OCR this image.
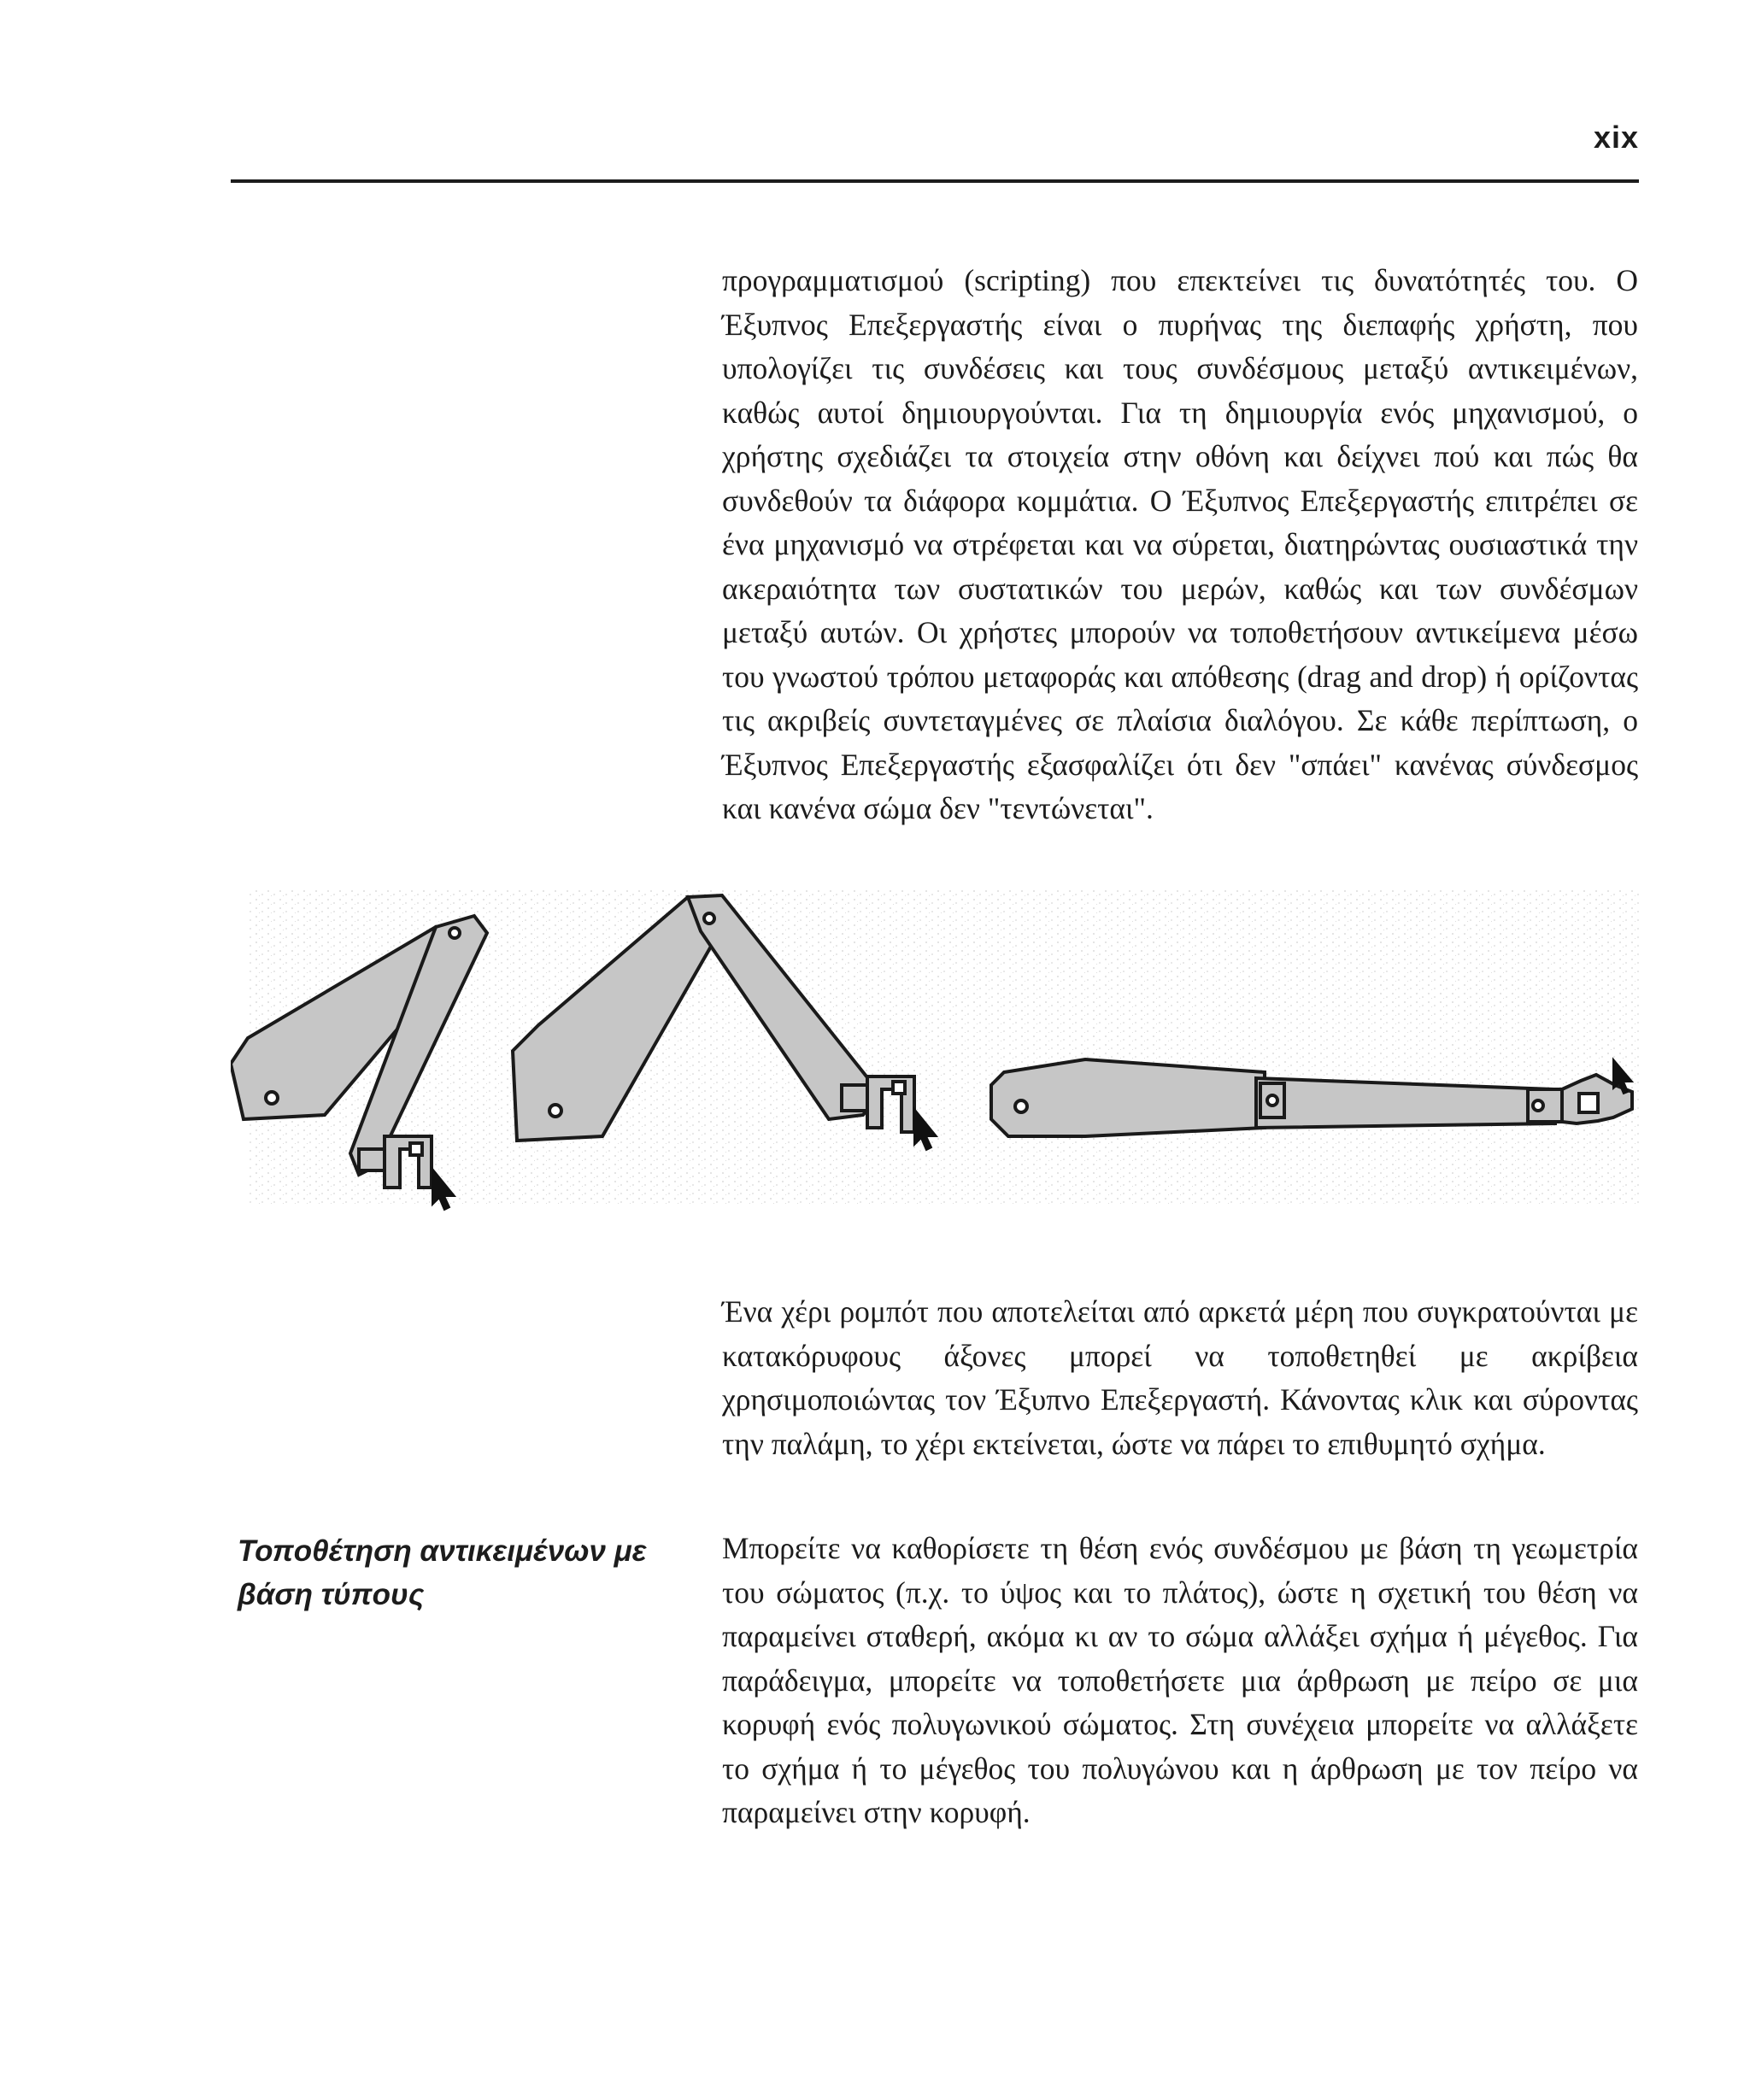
xix

προγραμματισμού (scripting) που επεκτείνει τις δυνατότητές του. Ο Έξυπνος Επεξεργαστής είναι ο πυρήνας της διεπαφής χρήστη, που υπολογίζει τις συνδέσεις και τους συνδέσμους μεταξύ αντικειμένων, καθώς αυτοί δημιουργούνται. Για τη δημιουργία ενός μηχανισμού, ο χρήστης σχεδιάζει τα στοιχεία στην οθόνη και δείχνει πού και πώς θα συνδεθούν τα διάφορα κομμάτια. Ο Έξυπνος Επεξεργαστής επιτρέπει σε ένα μηχανισμό να στρέφεται και να σύρεται, διατηρώντας ουσιαστικά την ακεραιότητα των συστατικών του μερών, καθώς και των συνδέσμων μεταξύ αυτών. Οι χρήστες μπορούν να τοποθετήσουν αντικείμενα μέσω του γνωστού τρόπου μεταφοράς και απόθεσης (drag and drop) ή ορίζοντας τις ακριβείς συντεταγμένες σε πλαίσια διαλόγου. Σε κάθε περίπτωση, ο Έξυπνος Επεξεργαστής εξασφαλίζει ότι δεν "σπάει" κανένας σύνδεσμος και κανένα σώμα δεν "τεντώνεται".

Ένα χέρι ρομπότ που αποτελείται από αρκετά μέρη που συγκρατούνται με κατακόρυφους άξονες μπορεί να τοποθετηθεί με ακρίβεια χρησιμοποιώντας τον Έξυπνο Επεξεργαστή. Κάνοντας κλικ και σύροντας την παλάμη, το χέρι εκτείνεται, ώστε να πάρει το επιθυμητό σχήμα.

Τοποθέτηση αντικειμένων με βάση τύπους

Μπορείτε να καθορίσετε τη θέση ενός συνδέσμου με βάση τη γεωμετρία του σώματος (π.χ. το ύψος και το πλάτος), ώστε η σχετική του θέση να παραμείνει σταθερή, ακόμα κι αν το σώμα αλλάξει σχήμα ή μέγεθος. Για παράδειγμα, μπορείτε να τοποθετήσετε μια άρθρωση με πείρο σε μια κορυφή ενός πολυγωνικού σώματος. Στη συνέχεια μπορείτε να αλλάξετε το σχήμα ή το μέγεθος του πολυγώνου και η άρθρωση με τον πείρο να παραμείνει στην κορυφή.
